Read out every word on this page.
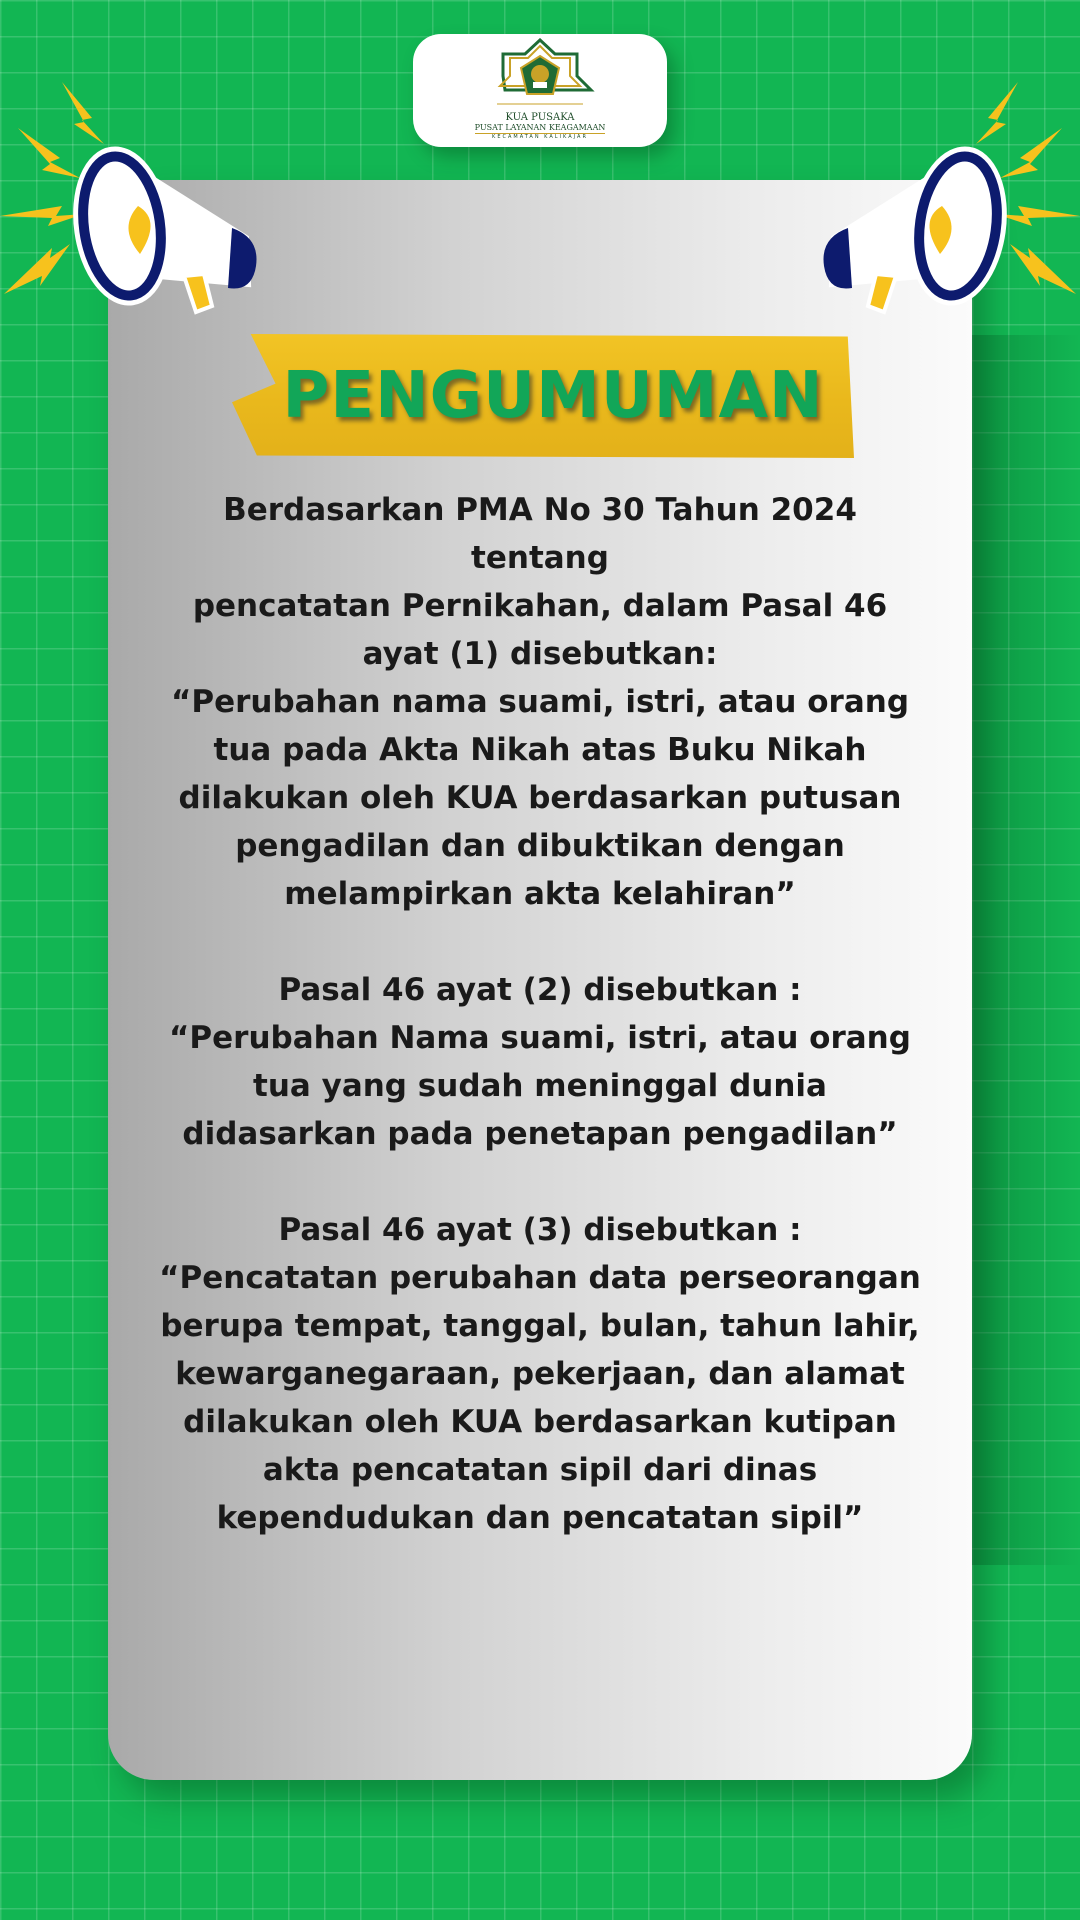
KUA PUSAKA
PUSAT LAYANAN KEAGAMAAN
KECAMATAN KALIKAJAR
PENGUMUMAN

Berdasarkan PMA No 30 Tahun 2024

tentang

pencatatan Pernikahan, dalam Pasal 46

ayat (1) disebutkan:

“Perubahan nama suami, istri, atau orang

tua pada Akta Nikah atas Buku Nikah

dilakukan oleh KUA berdasarkan putusan

pengadilan dan dibuktikan dengan

melampirkan akta kelahiran”

Pasal 46 ayat (2) disebutkan :

“Perubahan Nama suami, istri, atau orang

tua yang sudah meninggal dunia

didasarkan pada penetapan pengadilan”

Pasal 46 ayat (3) disebutkan :

“Pencatatan perubahan data perseorangan

berupa tempat, tanggal, bulan, tahun lahir,

kewarganegaraan, pekerjaan, dan alamat

dilakukan oleh KUA berdasarkan kutipan

akta pencatatan sipil dari dinas

kependudukan dan pencatatan sipil”
